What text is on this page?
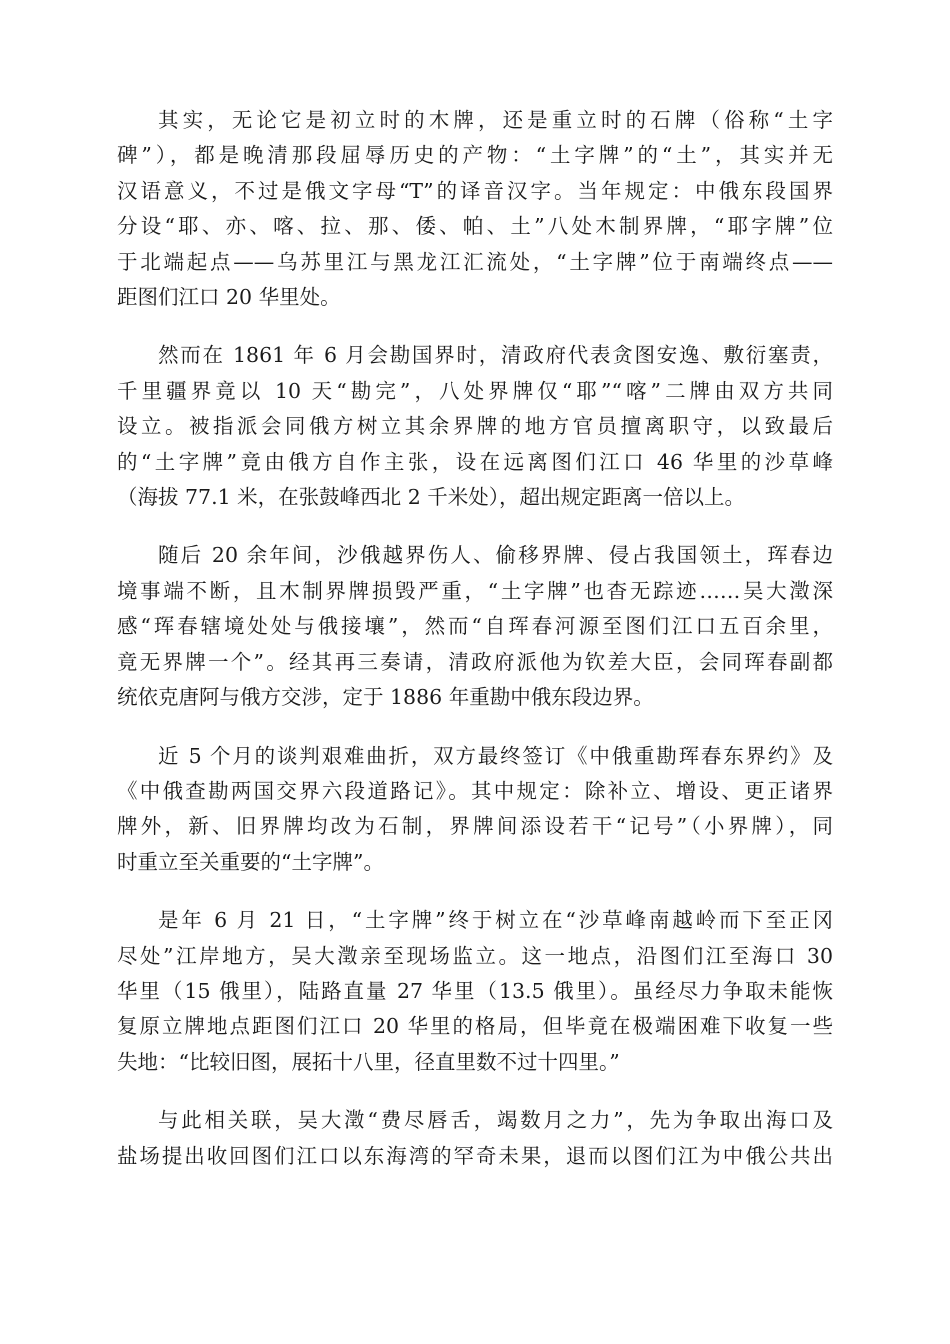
其实，无论它是初立时的木牌，还是重立时的石牌（俗称“土字
碑”），都是晚清那段屈辱历史的产物：“土字牌”的“土”，其实并无
汉语意义，不过是俄文字母“T”的译音汉字。当年规定：中俄东段国界
分设“耶、亦、喀、拉、那、倭、帕、土”八处木制界牌，“耶字牌”位
于北端起点——乌苏里江与黑龙江汇流处，“土字牌”位于南端终点——
距图们江口 20 华里处。
然而在 1861 年 6 月会勘国界时，清政府代表贪图安逸、敷衍塞责，
千里疆界竟以 10 天“勘完”，八处界牌仅“耶”“喀”二牌由双方共同
设立。被指派会同俄方树立其余界牌的地方官员擅离职守，以致最后
的“土字牌”竟由俄方自作主张，设在远离图们江口 46 华里的沙草峰
（海拔 77.1 米，在张鼓峰西北 2 千米处），超出规定距离一倍以上。
随后 20 余年间，沙俄越界伤人、偷移界牌、侵占我国领土，珲春边
境事端不断，且木制界牌损毁严重，“土字牌”也杳无踪迹……吴大澂深
感“珲春辖境处处与俄接壤”，然而“自珲春河源至图们江口五百余里，
竟无界牌一个”。经其再三奏请，清政府派他为钦差大臣，会同珲春副都
统依克唐阿与俄方交涉，定于 1886 年重勘中俄东段边界。
近 5 个月的谈判艰难曲折，双方最终签订《中俄重勘珲春东界约》及
《中俄查勘两国交界六段道路记》。其中规定：除补立、增设、更正诸界
牌外，新、旧界牌均改为石制，界牌间添设若干“记号”（小界牌），同
时重立至关重要的“土字牌”。
是年 6 月 21 日，“土字牌”终于树立在“沙草峰南越岭而下至正冈
尽处”江岸地方，吴大澂亲至现场监立。这一地点，沿图们江至海口 30
华里（15 俄里），陆路直量 27 华里（13.5 俄里）。虽经尽力争取未能恢
复原立牌地点距图们江口 20 华里的格局，但毕竟在极端困难下收复一些
失地：“比较旧图，展拓十八里，径直里数不过十四里。”
与此相关联，吴大澂“费尽唇舌，竭数月之力”，先为争取出海口及
盐场提出收回图们江口以东海湾的罕奇未果，退而以图们江为中俄公共出
